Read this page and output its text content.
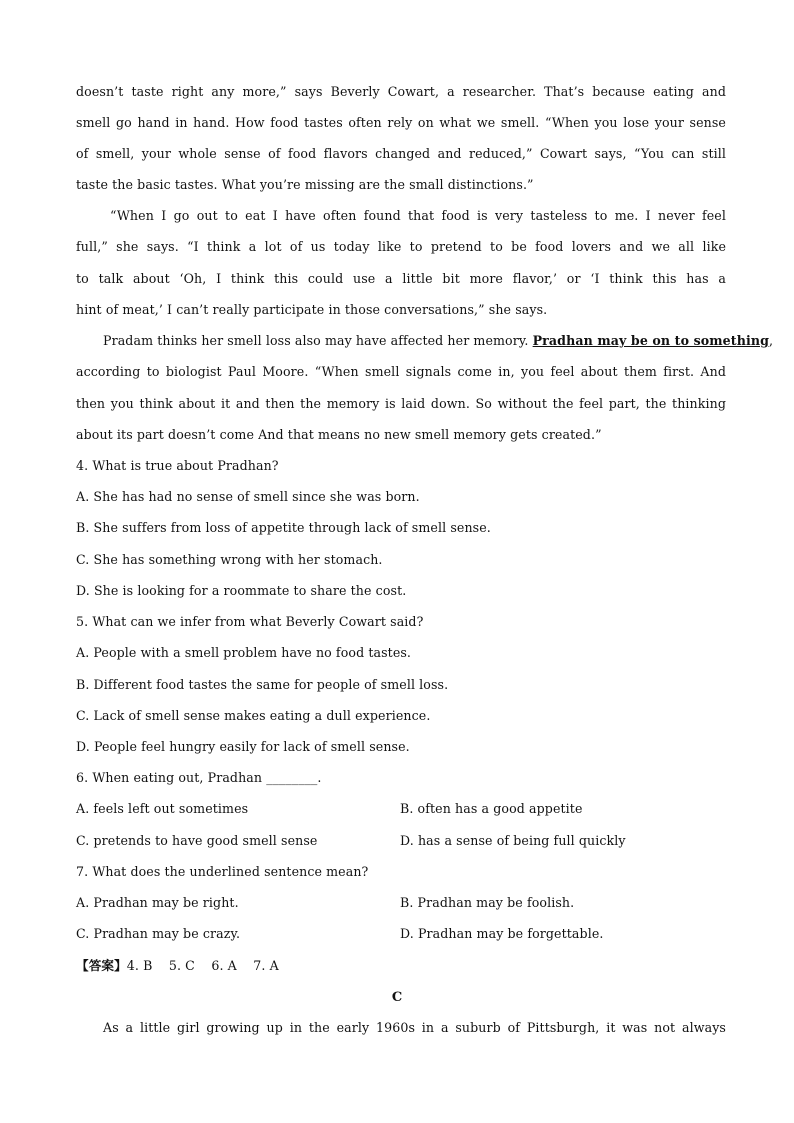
doesn’t taste right any more,” says Beverly Cowart, a researcher. That’s because eating and
smell go hand in hand. How food tastes often rely on what we smell. “When you lose your sense
of smell, your whole sense of food flavors changed and reduced,” Cowart says, “You can still
taste the basic tastes. What you’re missing are the small distinctions.”
“When I go out to eat I have often found that food is very tasteless to me. I never feel
full,” she says. “I think a lot of us today like to pretend to be food lovers and we all like
to talk about ‘Oh, I think this could use a little bit more flavor,’ or ‘I think this has a
hint of meat,’ I can’t really participate in those conversations,” she says.
Pradam thinks her smell loss also may have affected her memory. Pradhan may be on to something,
according to biologist Paul Moore. “When smell signals come in, you feel about them first. And
then you think about it and then the memory is laid down. So without the feel part, the thinking
about its part doesn’t come And that means no new smell memory gets created.”
4. What is true about Pradhan?
A. She has had no sense of smell since she was born.
B. She suffers from loss of appetite through lack of smell sense.
C. She has something wrong with her stomach.
D. She is looking for a roommate to share the cost.
5. What can we infer from what Beverly Cowart said?
A. People with a smell problem have no food tastes.
B. Different food tastes the same for people of smell loss.
C. Lack of smell sense makes eating a dull experience.
D. People feel hungry easily for lack of smell sense.
6. When eating out, Pradhan ________.
A. feels left out sometimes	B. often has a good appetite
C. pretends to have good smell sense	D. has a sense of being full quickly
7. What does the underlined sentence mean?
A. Pradhan may be right.	B. Pradhan may be foolish.
C. Pradhan may be crazy.	D. Pradhan may be forgettable.
【答案】4. B    5. C    6. A    7. A
C
As a little girl growing up in the early 1960s in a suburb of Pittsburgh, it was not always
